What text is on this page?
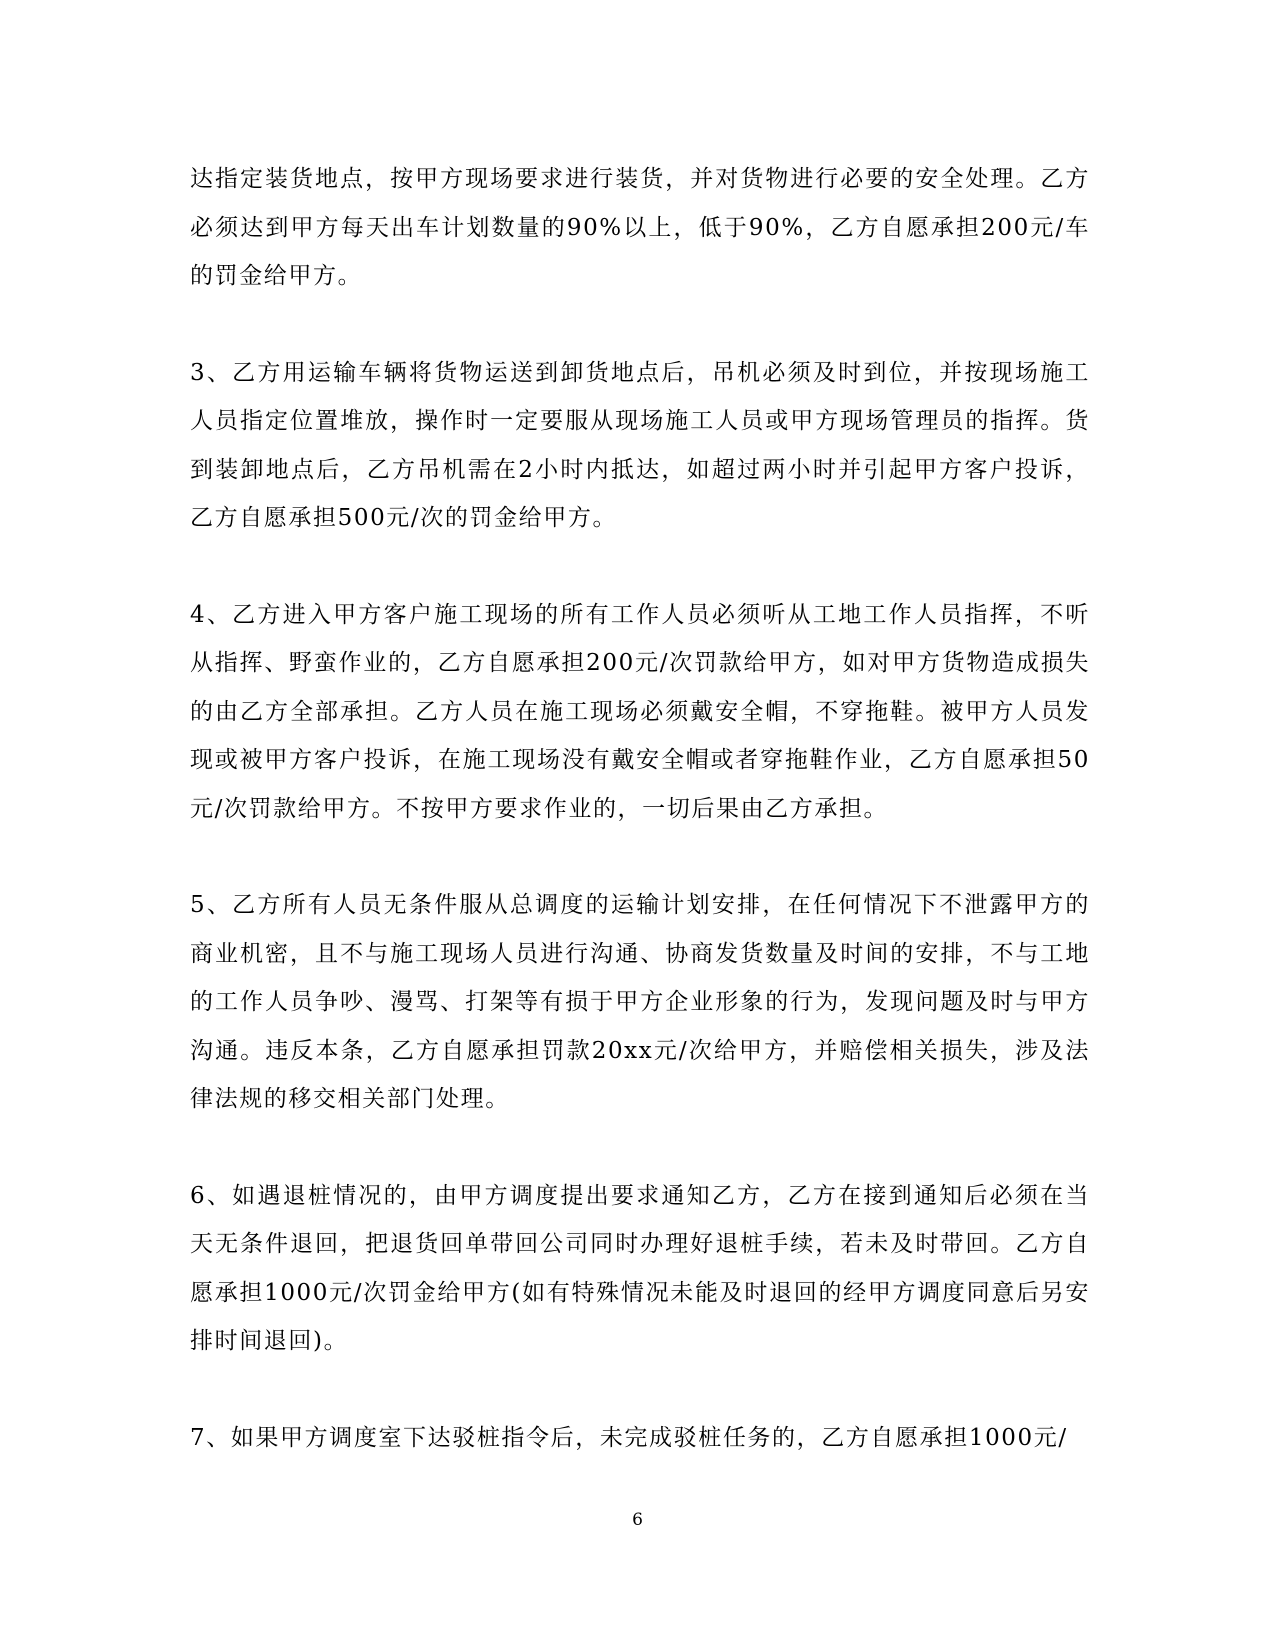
达指定装货地点，按甲方现场要求进行装货，并对货物进行必要的安全处理。乙方必须达到甲方每天出车计划数量的90%以上，低于90%，乙方自愿承担200元/车的罚金给甲方。

3、乙方用运输车辆将货物运送到卸货地点后，吊机必须及时到位，并按现场施工人员指定位置堆放，操作时一定要服从现场施工人员或甲方现场管理员的指挥。货到装卸地点后，乙方吊机需在2小时内抵达，如超过两小时并引起甲方客户投诉，乙方自愿承担500元/次的罚金给甲方。

4、乙方进入甲方客户施工现场的所有工作人员必须听从工地工作人员指挥，不听从指挥、野蛮作业的，乙方自愿承担200元/次罚款给甲方，如对甲方货物造成损失的由乙方全部承担。乙方人员在施工现场必须戴安全帽，不穿拖鞋。被甲方人员发现或被甲方客户投诉，在施工现场没有戴安全帽或者穿拖鞋作业，乙方自愿承担50元/次罚款给甲方。不按甲方要求作业的，一切后果由乙方承担。

5、乙方所有人员无条件服从总调度的运输计划安排，在任何情况下不泄露甲方的商业机密，且不与施工现场人员进行沟通、协商发货数量及时间的安排，不与工地的工作人员争吵、漫骂、打架等有损于甲方企业形象的行为，发现问题及时与甲方沟通。违反本条，乙方自愿承担罚款20xx元/次给甲方，并赔偿相关损失，涉及法律法规的移交相关部门处理。

6、如遇退桩情况的，由甲方调度提出要求通知乙方，乙方在接到通知后必须在当天无条件退回，把退货回单带回公司同时办理好退桩手续，若未及时带回。乙方自愿承担1000元/次罚金给甲方(如有特殊情况未能及时退回的经甲方调度同意后另安排时间退回)。

7、如果甲方调度室下达驳桩指令后，未完成驳桩任务的，乙方自愿承担1000元/

6
